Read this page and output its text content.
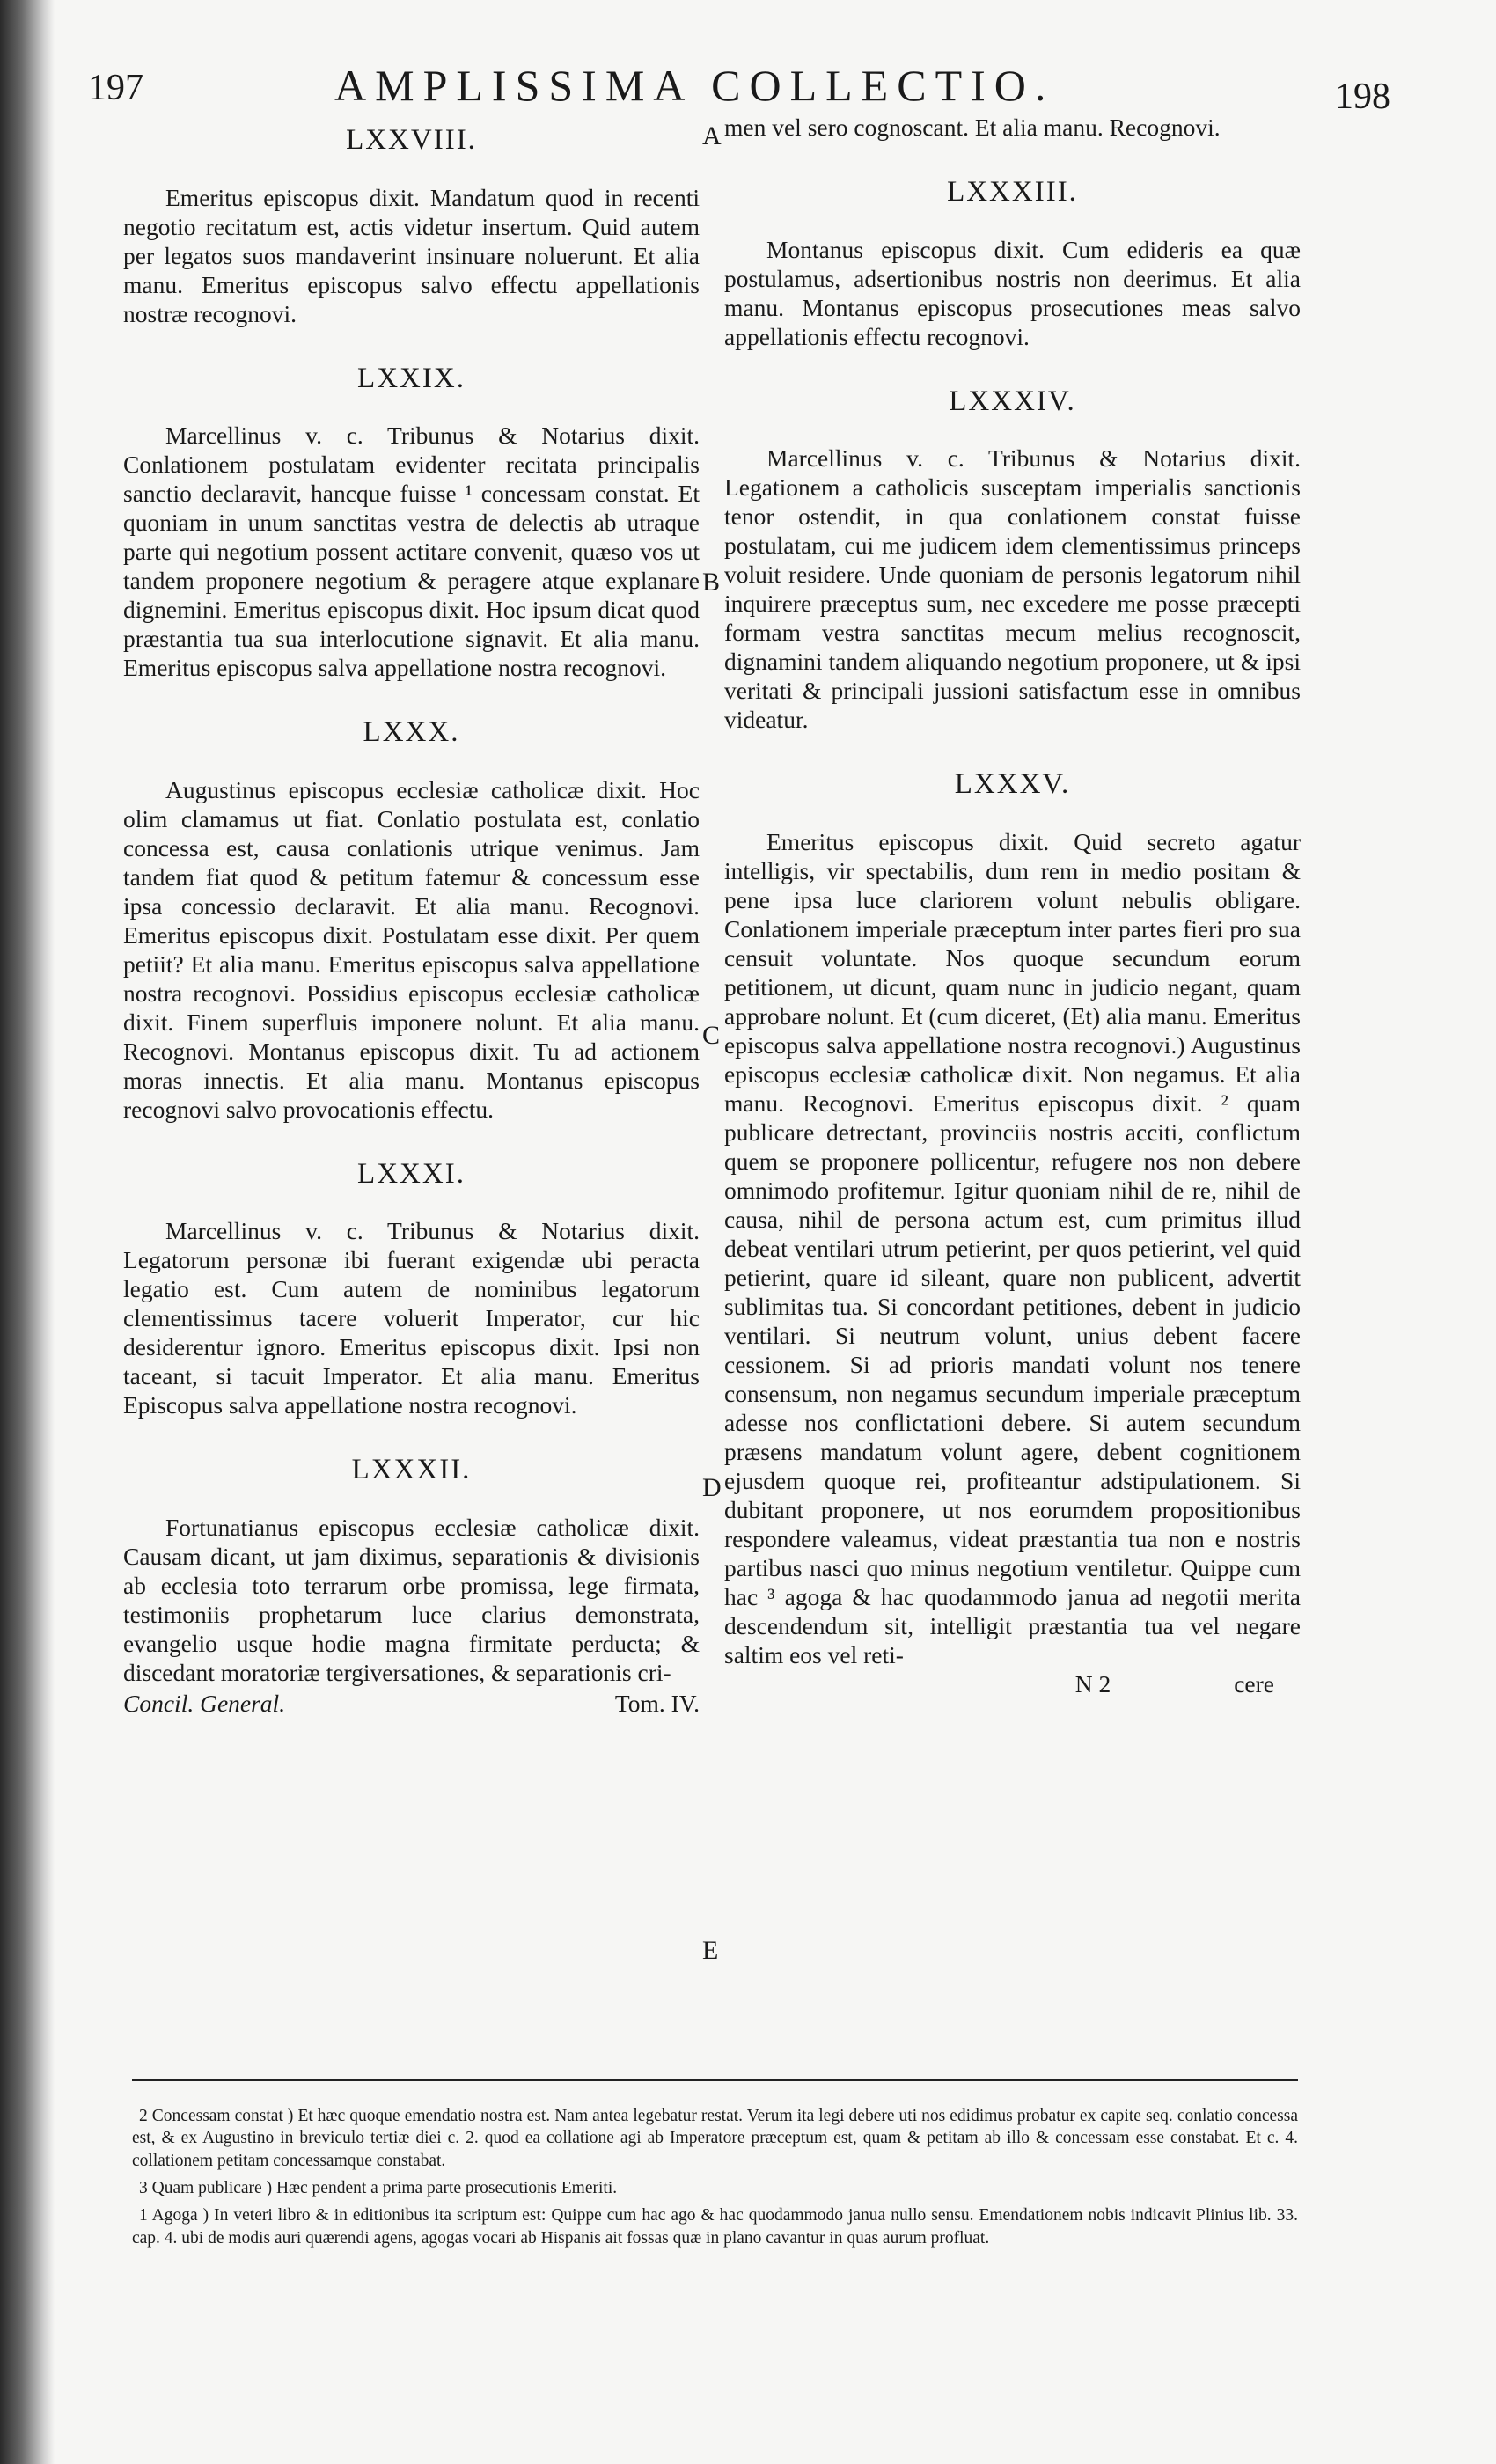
197	AMPLISSIMA COLLECTIO.	198
LXXVIII.

Emeritus episcopus dixit. Mandatum quod in recenti negotio recitatum est, actis videtur insertum. Quid autem per legatos suos mandaverint insinuare noluerunt. Et alia manu. Emeritus episcopus salvo effectu appellationis nostræ recognovi.

LXXIX.

Marcellinus v. c. Tribunus & Notarius dixit. Conlationem postulatam evidenter recitata principalis sanctio declaravit, hancque fuisse ¹ concessam constat. Et quoniam in unum sanctitas vestra de delectis ab utraque parte qui negotium possent actitare convenit, quæso vos ut tandem proponere negotium & peragere atque explanare dignemini. Emeritus episcopus dixit. Hoc ipsum dicat quod præstantia tua sua interlocutione signavit. Et alia manu. Emeritus episcopus salva appellatione nostra recognovi.

LXXX.

Augustinus episcopus ecclesiæ catholicæ dixit. Hoc olim clamamus ut fiat. Conlatio postulata est, conlatio concessa est, causa conlationis utrique venimus. Jam tandem fiat quod & petitum fatemur & concessum esse ipsa concessio declaravit. Et alia manu. Recognovi. Emeritus episcopus dixit. Postulatam esse dixit. Per quem petiit? Et alia manu. Emeritus episcopus salva appellatione nostra recognovi. Possidius episcopus ecclesiæ catholicæ dixit. Finem superfluis imponere nolunt. Et alia manu. Recognovi. Montanus episcopus dixit. Tu ad actionem moras innectis. Et alia manu. Montanus episcopus recognovi salvo provocationis effectu.

LXXXI.

Marcellinus v. c. Tribunus & Notarius dixit. Legatorum personæ ibi fuerant exigendæ ubi peracta legatio est. Cum autem de nominibus legatorum clementissimus tacere voluerit Imperator, cur hic desiderentur ignoro. Emeritus episcopus dixit. Ipsi non taceant, si tacuit Imperator. Et alia manu. Emeritus Episcopus salva appellatione nostra recognovi.

LXXXII.

Fortunatianus episcopus ecclesiæ catholicæ dixit. Causam dicant, ut jam diximus, separationis & divisionis ab ecclesia toto terrarum orbe promissa, lege firmata, testimoniis prophetarum luce clarius demonstrata, evangelio usque hodie magna firmitate perducta; & discedant moratoriæ tergiversationes, & separationis cri-

Concil. General.	Tom. IV.
A
B
C
D
E

men vel sero cognoscant. Et alia manu. Recognovi.

LXXXIII.

Montanus episcopus dixit. Cum edideris ea quæ postulamus, adsertionibus nostris non deerimus. Et alia manu. Montanus episcopus prosecutiones meas salvo appellationis effectu recognovi.

LXXXIV.

Marcellinus v. c. Tribunus & Notarius dixit. Legationem a catholicis susceptam imperialis sanctionis tenor ostendit, in qua conlationem constat fuisse postulatam, cui me judicem idem clementissimus princeps voluit residere. Unde quoniam de personis legatorum nihil inquirere præceptus sum, nec excedere me posse præcepti formam vestra sanctitas mecum melius recognoscit, dignamini tandem aliquando negotium proponere, ut & ipsi veritati & principali jussioni satisfactum esse in omnibus videatur.

LXXXV.

Emeritus episcopus dixit. Quid secreto agatur intelligis, vir spectabilis, dum rem in medio positam & pene ipsa luce clariorem volunt nebulis obligare. Conlationem imperiale præceptum inter partes fieri pro sua censuit voluntate. Nos quoque secundum eorum petitionem, ut dicunt, quam nunc in judicio negant, quam approbare nolunt. Et (cum diceret, (Et) alia manu. Emeritus episcopus salva appellatione nostra recognovi.) Augustinus episcopus ecclesiæ catholicæ dixit. Non negamus. Et alia manu. Recognovi. Emeritus episcopus dixit. ² quam publicare detrectant, provinciis nostris acciti, conflictum quem se proponere pollicentur, refugere nos non debere omnimodo profitemur. Igitur quoniam nihil de re, nihil de causa, nihil de persona actum est, cum primitus illud debeat ventilari utrum petierint, per quos petierint, vel quid petierint, quare id sileant, quare non publicent, advertit sublimitas tua. Si concordant petitiones, debent in judicio ventilari. Si neutrum volunt, unius debent facere cessionem. Si ad prioris mandati volunt nos tenere consensum, non negamus secundum imperiale præceptum adesse nos conflictationi debere. Si autem secundum præsens mandatum volunt agere, debent cognitionem ejusdem quoque rei, profiteantur adstipulationem. Si dubitant proponere, ut nos eorumdem propositionibus respondere valeamus, videat præstantia tua non e nostris partibus nasci quo minus negotium ventiletur. Quippe cum hac ³ agoga & hac quodammodo janua ad negotii merita descendendum sit, intelligit præstantia tua vel negare saltim eos vel reti-

N 2	cere

2 Concessam constat ) Et hæc quoque emendatio nostra est. Nam antea legebatur restat. Verum ita legi debere uti nos edidimus probatur ex capite seq. conlatio concessa est, & ex Augustino in breviculo tertiæ diei c. 2. quod ea collatione agi ab Imperatore præceptum est, quam & petitam ab illo & concessam esse constabat. Et c. 4. collationem petitam concessamque constabat.

3 Quam publicare ) Hæc pendent a prima parte prosecutionis Emeriti.

1 Agoga ) In veteri libro & in editionibus ita scriptum est: Quippe cum hac ago & hac quodammodo janua nullo sensu. Emendationem nobis indicavit Plinius lib. 33. cap. 4. ubi de modis auri quærendi agens, agogas vocari ab Hispanis ait fossas quæ in plano cavantur in quas aurum profluat.
